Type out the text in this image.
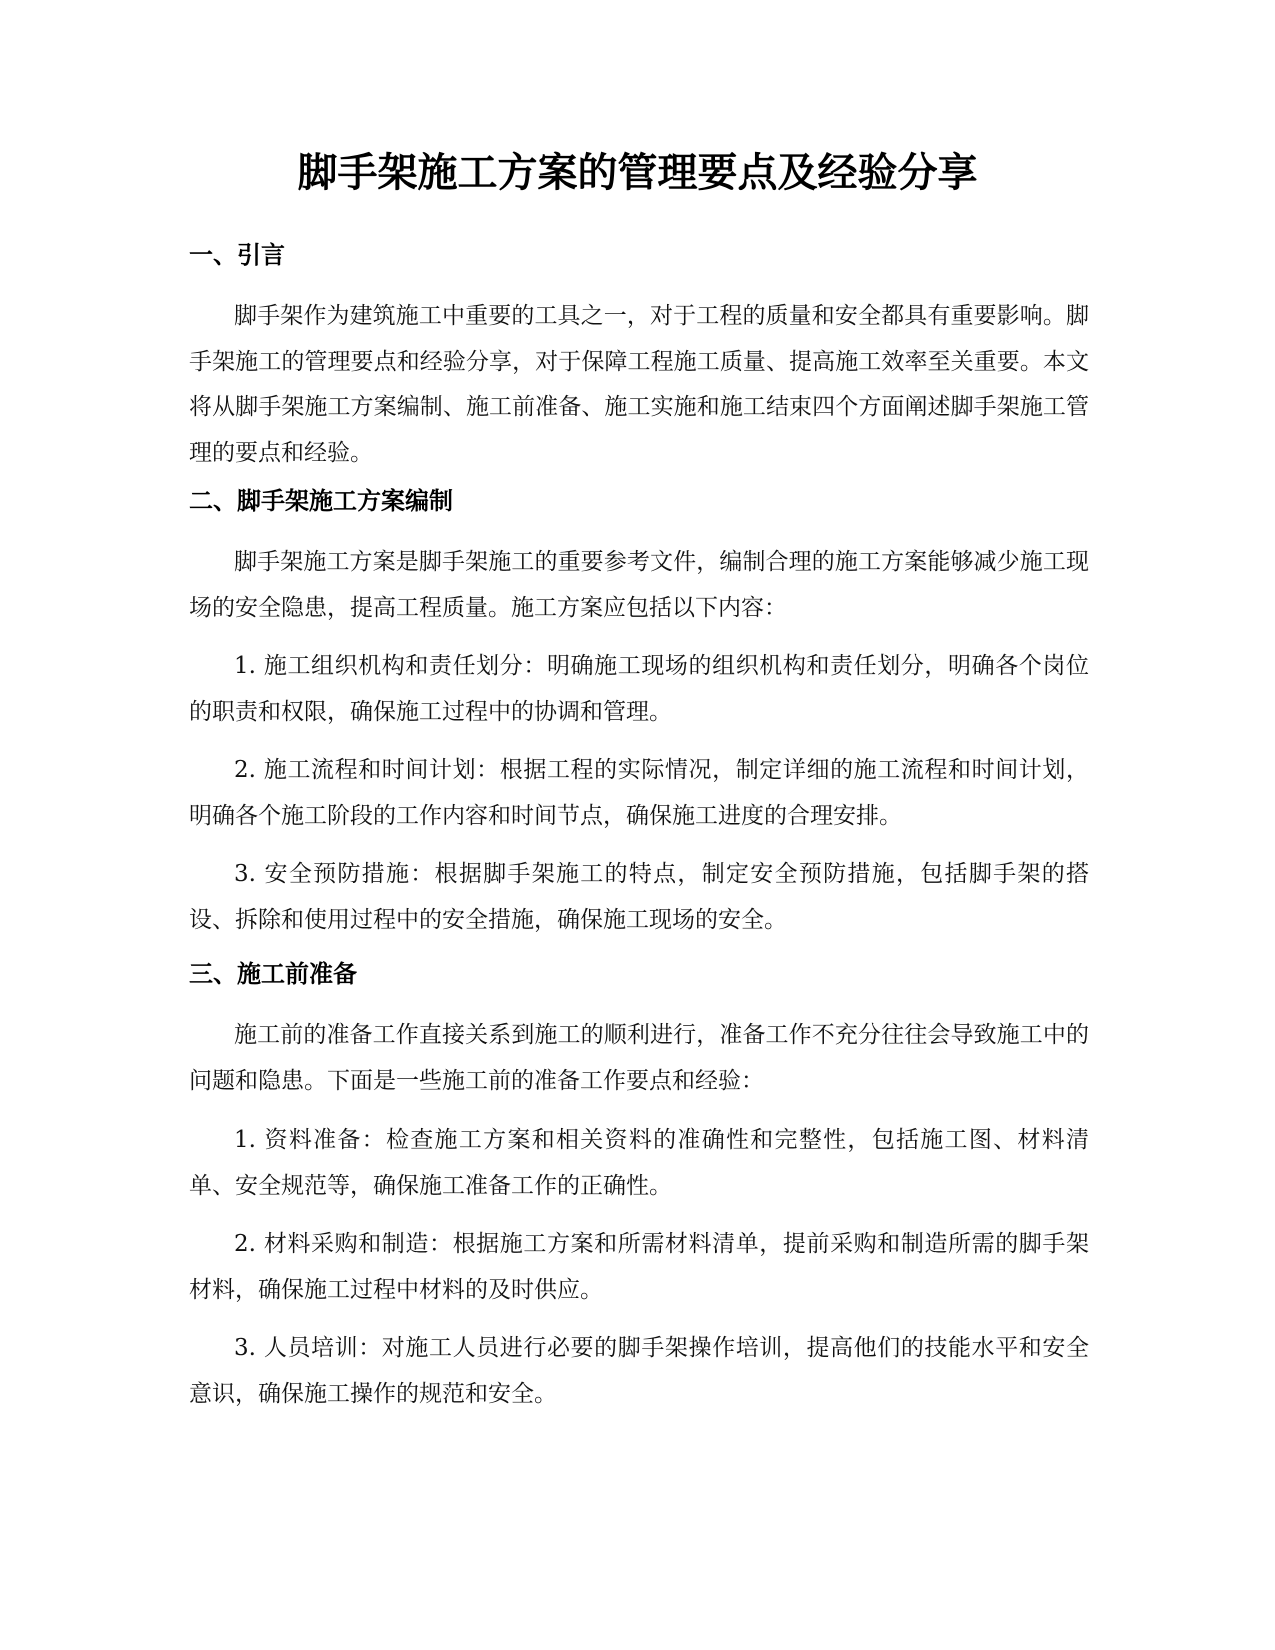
脚手架施工方案的管理要点及经验分享
一、引言

脚手架作为建筑施工中重要的工具之一，对于工程的质量和安全都具有重要影响。脚手架施工的管理要点和经验分享，对于保障工程施工质量、提高施工效率至关重要。本文将从脚手架施工方案编制、施工前准备、施工实施和施工结束四个方面阐述脚手架施工管理的要点和经验。

二、脚手架施工方案编制

脚手架施工方案是脚手架施工的重要参考文件，编制合理的施工方案能够减少施工现场的安全隐患，提高工程质量。施工方案应包括以下内容：

1. 施工组织机构和责任划分：明确施工现场的组织机构和责任划分，明确各个岗位的职责和权限，确保施工过程中的协调和管理。

2. 施工流程和时间计划：根据工程的实际情况，制定详细的施工流程和时间计划，明确各个施工阶段的工作内容和时间节点，确保施工进度的合理安排。

3. 安全预防措施：根据脚手架施工的特点，制定安全预防措施，包括脚手架的搭设、拆除和使用过程中的安全措施，确保施工现场的安全。

三、施工前准备

施工前的准备工作直接关系到施工的顺利进行，准备工作不充分往往会导致施工中的问题和隐患。下面是一些施工前的准备工作要点和经验：

1. 资料准备：检查施工方案和相关资料的准确性和完整性，包括施工图、材料清单、安全规范等，确保施工准备工作的正确性。

2. 材料采购和制造：根据施工方案和所需材料清单，提前采购和制造所需的脚手架材料，确保施工过程中材料的及时供应。

3. 人员培训：对施工人员进行必要的脚手架操作培训，提高他们的技能水平和安全意识，确保施工操作的规范和安全。
